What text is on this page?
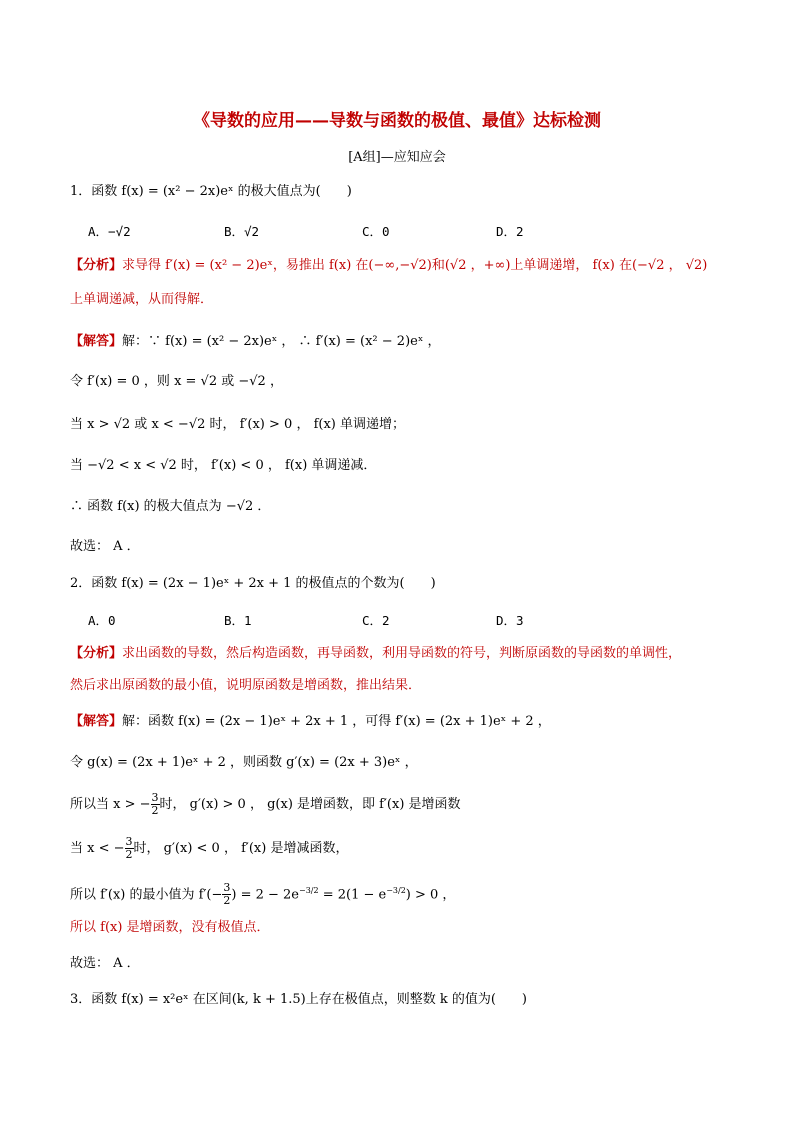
《导数的应用——导数与函数的极值、最值》达标检测
[A组]—应知应会
1．函数 f(x) = (x² − 2x)eˣ 的极大值点为(　　)
A．−√2	B．√2	C．0	D．2
【分析】求导得 f′(x) = (x² − 2)eˣ，易推出 f(x) 在(−∞,−√2)和(√2 ，+∞)上单调递增， f(x) 在(−√2 ， √2)
上单调递减，从而得解．
【解答】解：∵ f(x) = (x² − 2x)eˣ ， ∴ f′(x) = (x² − 2)eˣ ，
令 f′(x) = 0 ，则 x = √2 或 −√2 ，
当 x > √2 或 x < −√2 时， f′(x) > 0 ， f(x) 单调递增；
当 −√2 < x < √2 时， f′(x) < 0 ， f(x) 单调递减．
∴ 函数 f(x) 的极大值点为 −√2 ．
故选： A ．
2．函数 f(x) = (2x − 1)eˣ + 2x + 1 的极值点的个数为(　　)
A．0	B．1	C．2	D．3
【分析】求出函数的导数，然后构造函数，再导函数，利用导函数的符号，判断原函数的导函数的单调性，
然后求出原函数的最小值，说明原函数是增函数，推出结果．
【解答】解：函数 f(x) = (2x − 1)eˣ + 2x + 1 ，可得 f′(x) = (2x + 1)eˣ + 2 ，
令 g(x) = (2x + 1)eˣ + 2 ，则函数 g′(x) = (2x + 3)eˣ ，
所以当 x > − $\frac{3}{2}$ 时， g′(x) > 0 ， g(x) 是增函数，即 f′(x) 是增函数
当 x < − $\frac{3}{2}$ 时， g′(x) < 0 ， f′(x) 是增减函数，
所以 f′(x) 的最小值为 $f'(- \frac{3}{2}$ ) = $2 - 2e^{-3/2} = 2(1 - e^{-3/2}) > 0$ ，
所以 f(x) 是增函数，没有极值点．
故选： A ．
3．函数 f(x) = x²eˣ 在区间(k, k + 1.5)上存在极值点，则整数 k 的值为(　　)
